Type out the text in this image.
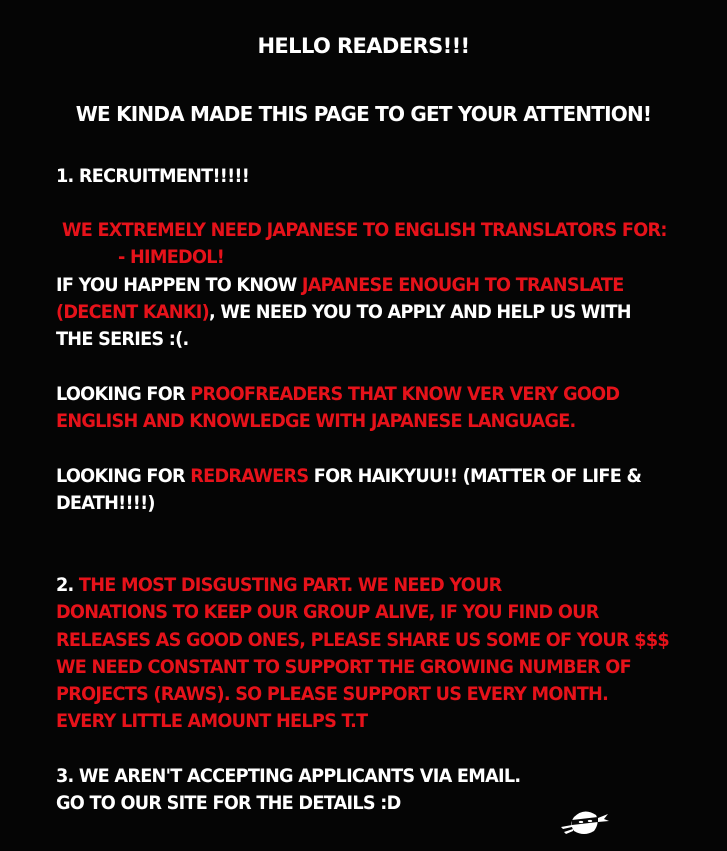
HELLO READERS!!!
WE KINDA MADE THIS PAGE TO GET YOUR ATTENTION!
1. RECRUITMENT!!!!!
WE EXTREMELY NEED JAPANESE TO ENGLISH TRANSLATORS FOR:
- HIMEDOL!
IF YOU HAPPEN TO KNOW JAPANESE ENOUGH TO TRANSLATE
(DECENT KANKI), WE NEED YOU TO APPLY AND HELP US WITH
THE SERIES :(.
LOOKING FOR PROOFREADERS THAT KNOW VER VERY GOOD
ENGLISH AND KNOWLEDGE WITH JAPANESE LANGUAGE.
LOOKING FOR REDRAWERS FOR HAIKYUU!! (MATTER OF LIFE &
DEATH!!!!)
2. THE MOST DISGUSTING PART. WE NEED YOUR
DONATIONS TO KEEP OUR GROUP ALIVE, IF YOU FIND OUR
RELEASES AS GOOD ONES, PLEASE SHARE US SOME OF YOUR $$$
WE NEED CONSTANT TO SUPPORT THE GROWING NUMBER OF
PROJECTS (RAWS). SO PLEASE SUPPORT US EVERY MONTH.
EVERY LITTLE AMOUNT HELPS T.T
3. WE AREN'T ACCEPTING APPLICANTS VIA EMAIL.
GO TO OUR SITE FOR THE DETAILS :D
